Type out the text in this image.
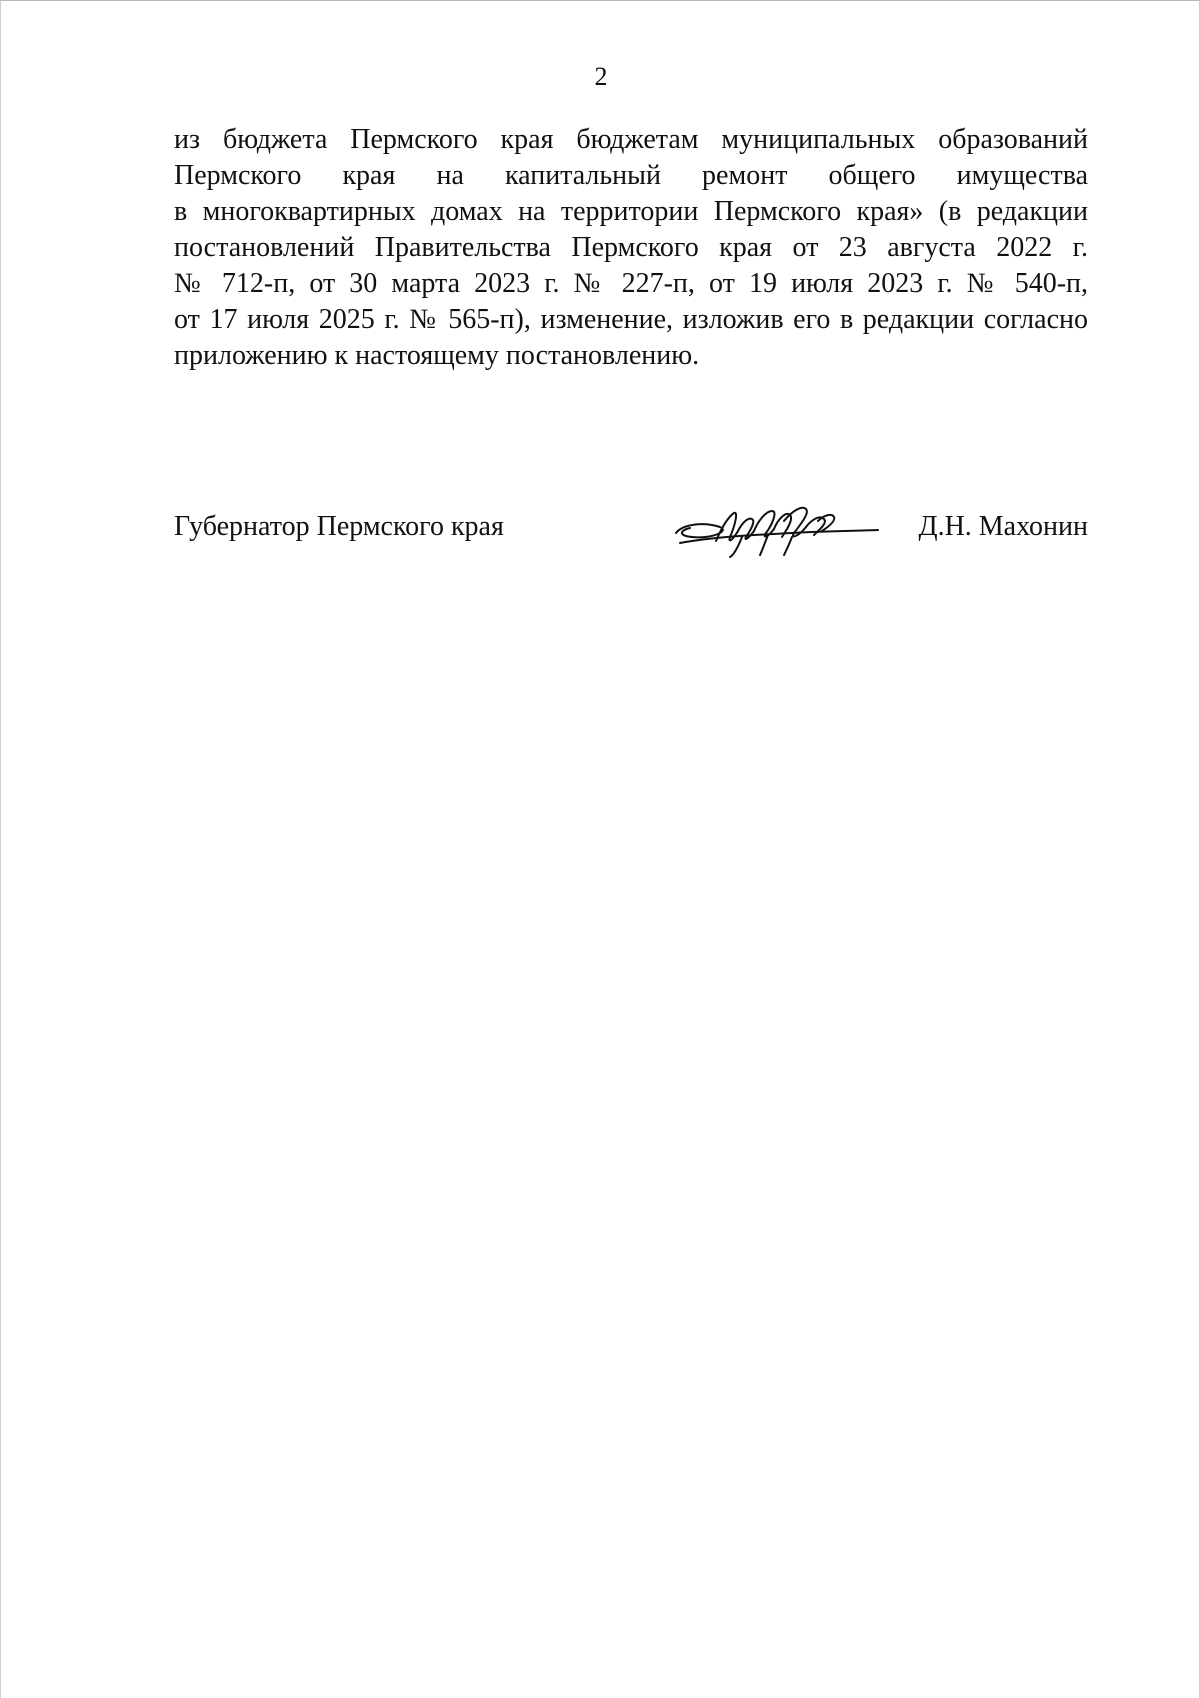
2
из бюджета Пермского края бюджетам муниципальных образований
Пермского края на капитальный ремонт общего имущества
в многоквартирных домах на территории Пермского края» (в редакции
постановлений Правительства Пермского края от 23 августа 2022 г.
№ 712-п, от 30 марта 2023 г. № 227-п, от 19 июля 2023 г. № 540-п,
от 17 июля 2025 г. № 565-п), изменение, изложив его в редакции согласно
приложению к настоящему постановлению.
Губернатор Пермского края	Д.Н. Махонин
